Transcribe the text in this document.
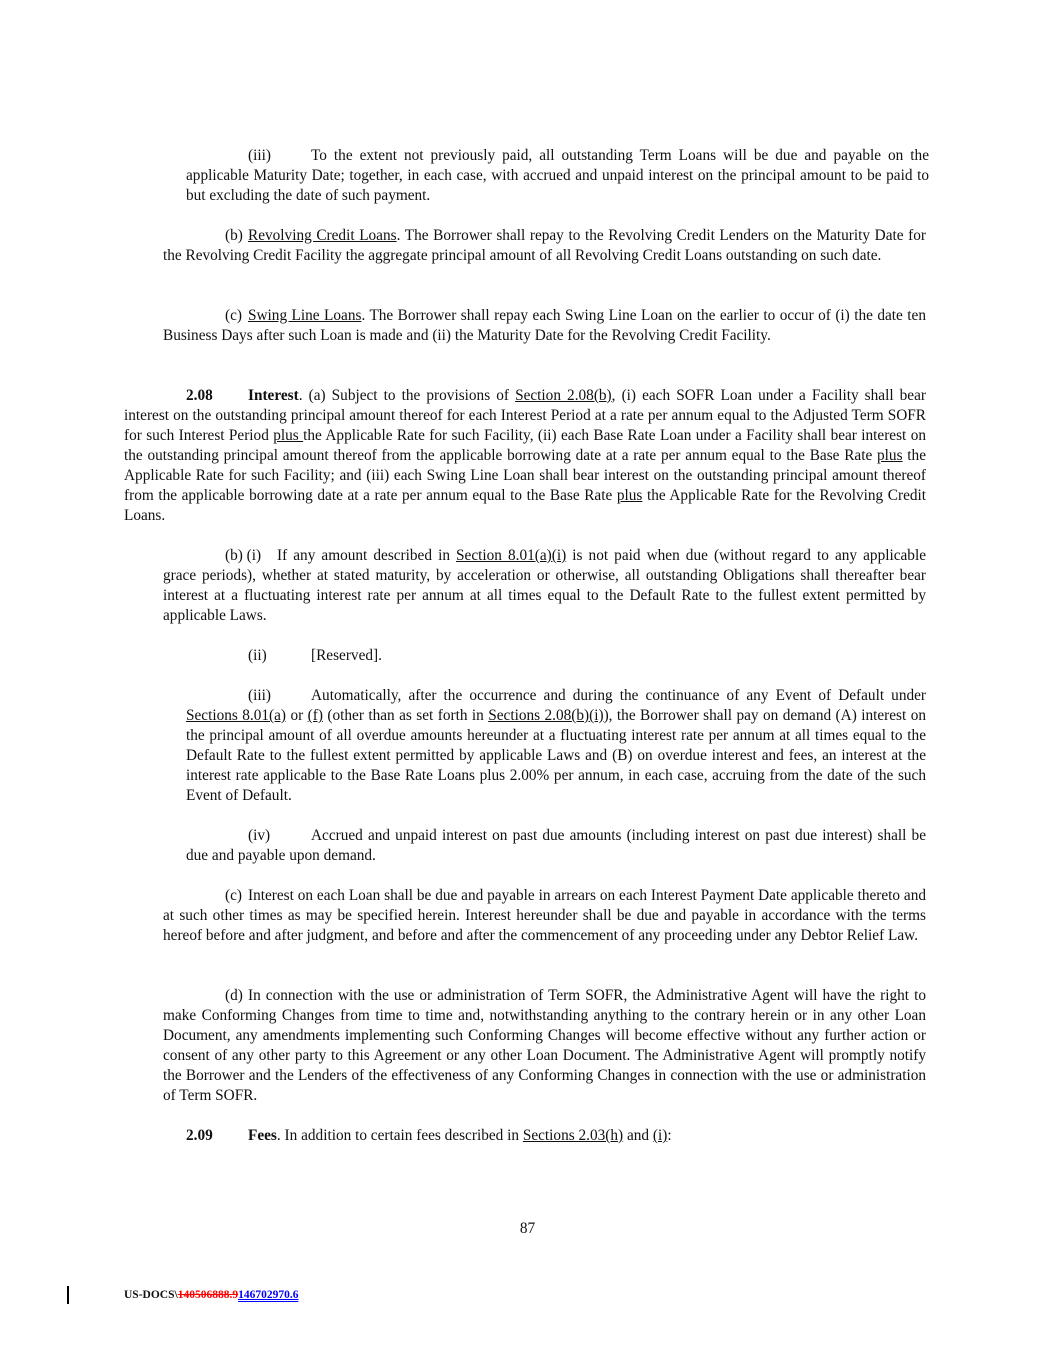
(iii)	To the extent not previously paid, all outstanding Term Loans will be due and payable on the applicable Maturity Date; together, in each case, with accrued and unpaid interest on the principal amount to be paid to but excluding the date of such payment.

(b) Revolving Credit Loans. The Borrower shall repay to the Revolving Credit Lenders on the Maturity Date for the Revolving Credit Facility the aggregate principal amount of all Revolving Credit Loans outstanding on such date.

(c) Swing Line Loans. The Borrower shall repay each Swing Line Loan on the earlier to occur of (i) the date ten Business Days after such Loan is made and (ii) the Maturity Date for the Revolving Credit Facility.

2.08 Interest. (a) Subject to the provisions of Section 2.08(b), (i) each SOFR Loan under a Facility shall bear interest on the outstanding principal amount thereof for each Interest Period at a rate per annum equal to the Adjusted Term SOFR for such Interest Period plus the Applicable Rate for such Facility, (ii) each Base Rate Loan under a Facility shall bear interest on the outstanding principal amount thereof from the applicable borrowing date at a rate per annum equal to the Base Rate plus the Applicable Rate for such Facility; and (iii) each Swing Line Loan shall bear interest on the outstanding principal amount thereof from the applicable borrowing date at a rate per annum equal to the Base Rate plus the Applicable Rate for the Revolving Credit Loans.

(b) (i) If any amount described in Section 8.01(a)(i) is not paid when due (without regard to any applicable grace periods), whether at stated maturity, by acceleration or otherwise, all outstanding Obligations shall thereafter bear interest at a fluctuating interest rate per annum at all times equal to the Default Rate to the fullest extent permitted by applicable Laws.

(ii)	[Reserved].

(iii)	Automatically, after the occurrence and during the continuance of any Event of Default under Sections 8.01(a) or (f) (other than as set forth in Sections 2.08(b)(i)), the Borrower shall pay on demand (A) interest on the principal amount of all overdue amounts hereunder at a fluctuating interest rate per annum at all times equal to the Default Rate to the fullest extent permitted by applicable Laws and (B) on overdue interest and fees, an interest at the interest rate applicable to the Base Rate Loans plus 2.00% per annum, in each case, accruing from the date of the such Event of Default.

(iv)	Accrued and unpaid interest on past due amounts (including interest on past due interest) shall be due and payable upon demand.

(c) Interest on each Loan shall be due and payable in arrears on each Interest Payment Date applicable thereto and at such other times as may be specified herein. Interest hereunder shall be due and payable in accordance with the terms hereof before and after judgment, and before and after the commencement of any proceeding under any Debtor Relief Law.

(d) In connection with the use or administration of Term SOFR, the Administrative Agent will have the right to make Conforming Changes from time to time and, notwithstanding anything to the contrary herein or in any other Loan Document, any amendments implementing such Conforming Changes will become effective without any further action or consent of any other party to this Agreement or any other Loan Document. The Administrative Agent will promptly notify the Borrower and the Lenders of the effectiveness of any Conforming Changes in connection with the use or administration of Term SOFR.

2.09 Fees. In addition to certain fees described in Sections 2.03(h) and (i):

87
US-DOCS\140506888.9146702970.6
